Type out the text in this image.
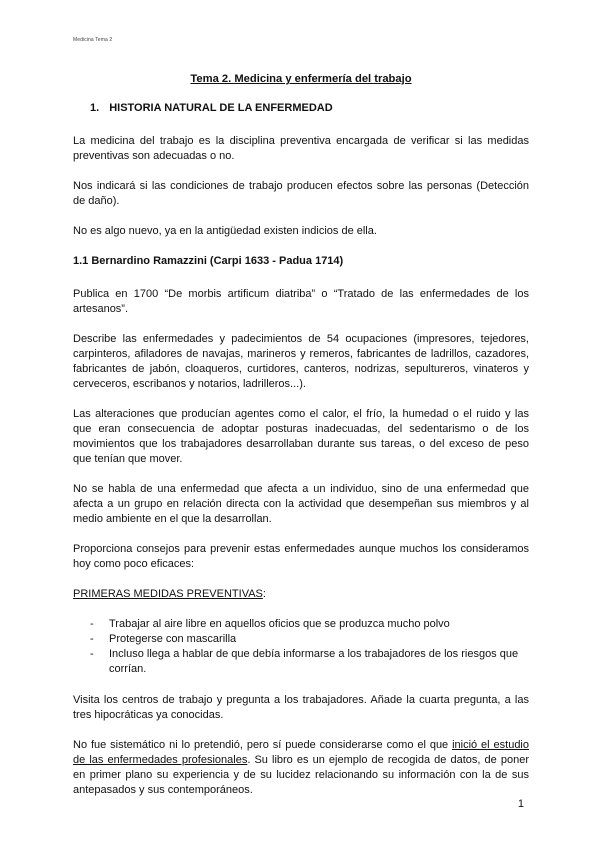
Medicina Tema 2
Tema 2. Medicina y enfermería del trabajo
1. HISTORIA NATURAL DE LA ENFERMEDAD

La medicina del trabajo es la disciplina preventiva encargada de verificar si las medidas preventivas son adecuadas o no.

Nos indicará si las condiciones de trabajo producen efectos sobre las personas (Detección de daño).

No es algo nuevo, ya en la antigüedad existen indicios de ella.

1.1 Bernardino Ramazzini (Carpi 1633 - Padua 1714)

Publica en 1700 “De morbis artificum diatriba” o “Tratado de las enfermedades de los artesanos”.

Describe las enfermedades y padecimientos de 54 ocupaciones (impresores, tejedores, carpinteros, afiladores de navajas, marineros y remeros, fabricantes de ladrillos, cazadores, fabricantes de jabón, cloaqueros, curtidores, canteros, nodrizas, sepultureros, vinateros y cerveceros, escribanos y notarios, ladrilleros...).

Las alteraciones que producían agentes como el calor, el frío, la humedad o el ruido y las que eran consecuencia de adoptar posturas inadecuadas, del sedentarismo o de los movimientos que los trabajadores desarrollaban durante sus tareas, o del exceso de peso que tenían que mover.

No se habla de una enfermedad que afecta a un individuo, sino de una enfermedad que afecta a un grupo en relación directa con la actividad que desempeñan sus miembros y al medio ambiente en el que la desarrollan.

Proporciona consejos para prevenir estas enfermedades aunque muchos los consideramos hoy como poco eficaces:

PRIMERAS MEDIDAS PREVENTIVAS:

- Trabajar al aire libre en aquellos oficios que se produzca mucho polvo
- Protegerse con mascarilla
- Incluso llega a hablar de que debía informarse a los trabajadores de los riesgos que corrían.

Visita los centros de trabajo y pregunta a los trabajadores. Añade la cuarta pregunta, a las tres hipocráticas ya conocidas.

No fue sistemático ni lo pretendió, pero sí puede considerarse como el que inició el estudio de las enfermedades profesionales. Su libro es un ejemplo de recogida de datos, de poner en primer plano su experiencia y de su lucidez relacionando su información con la de sus antepasados y sus contemporáneos.

1
